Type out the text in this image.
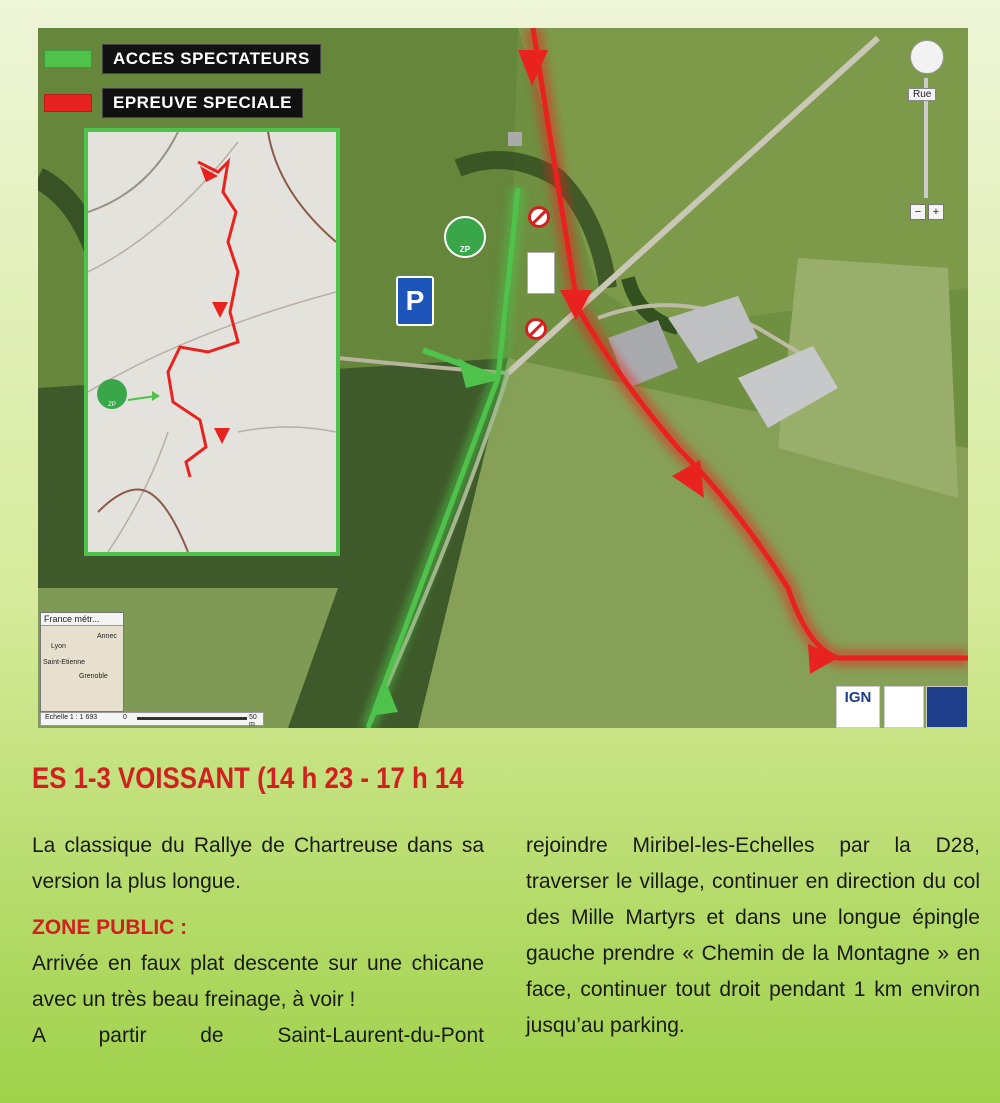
ACCES SPECTATEURS
EPREUVE SPECIALE
ZP
P
ZP
Rue
−	+
France métr...
Lyon
Annec
Saint-Etienne
Grenoble
Echelle 1 : 1 693	0	50 m
IGN
ES 1-3 VOISSANT (14 h 23 - 17 h 14

La classique du Rallye de Chartreuse dans sa version la plus longue.

ZONE PUBLIC :

Arrivée en faux plat descente sur une chicane avec un très beau freinage, à voir !

A partir de Saint-Laurent-du-Pont

rejoindre Miribel-les-Echelles par la D28, traverser le village, continuer en direction du col des Mille Martyrs et dans une longue épingle gauche prendre « Chemin de la Montagne » en face, continuer tout droit pendant 1 km environ jusqu’au parking.
